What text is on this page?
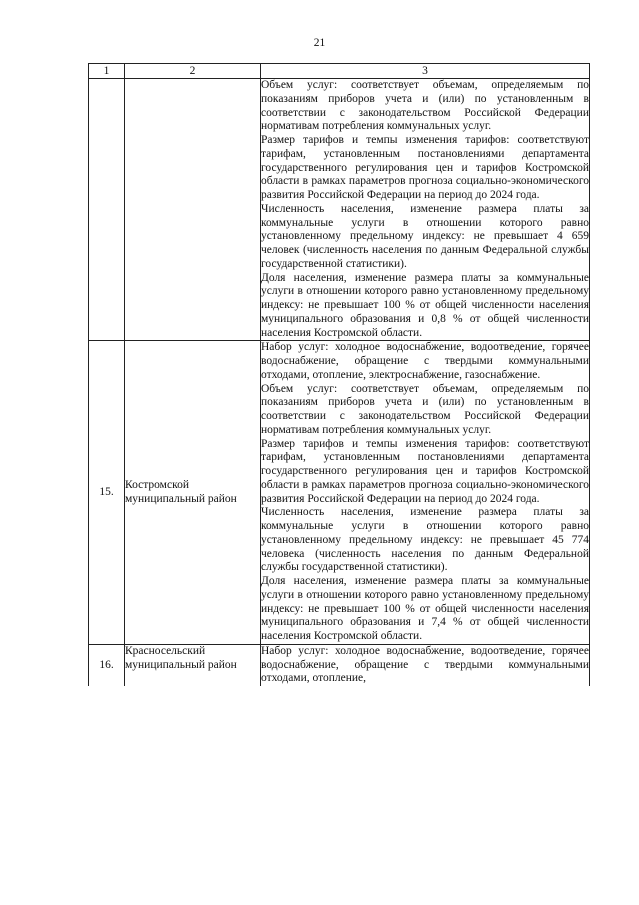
21
1	2	3

		Объем услуг: соответствует объемам, определяемым по показаниям приборов учета и (или) по установленным в соответствии с законодательством Российской Федерации нормативам потребления коммунальных услуг.

Размер тарифов и темпы изменения тарифов: соответствуют тарифам, установленным постановлениями департамента государственного регулирования цен и тарифов Костромской области в рамках параметров прогноза социально-экономического развития Российской Федерации на период до 2024 года.

Численность населения, изменение размера платы за коммунальные услуги в отношении которого равно установленному предельному индексу: не превышает 4 659 человек (численность населения по данным Федеральной службы государственной статистики).

Доля населения, изменение размера платы за коммунальные услуги в отношении которого равно установленному предельному индексу: не превышает 100 % от общей численности населения муниципального образования и 0,8 % от общей численности населения Костромской области.

15.	Костромской муниципальный район	Набор услуг: холодное водоснабжение, водоотведение, горячее водоснабжение, обращение с твердыми коммунальными отходами, отопление, электроснабжение, газоснабжение.

Объем услуг: соответствует объемам, определяемым по показаниям приборов учета и (или) по установленным в соответствии с законодательством Российской Федерации нормативам потребления коммунальных услуг.

Размер тарифов и темпы изменения тарифов: соответствуют тарифам, установленным постановлениями департамента государственного регулирования цен и тарифов Костромской области в рамках параметров прогноза социально-экономического развития Российской Федерации на период до 2024 года.

Численность населения, изменение размера платы за коммунальные услуги в отношении которого равно установленному предельному индексу: не превышает 45 774 человека (численность населения по данным Федеральной службы государственной статистики).

Доля населения, изменение размера платы за коммунальные услуги в отношении которого равно установленному предельному индексу: не превышает 100 % от общей численности населения муниципального образования и 7,4 % от общей численности населения Костромской области.

16.	Красносельский муниципальный район	Набор услуг: холодное водоснабжение, водоотведение, горячее водоснабжение, обращение с твердыми коммунальными отходами, отопление,
